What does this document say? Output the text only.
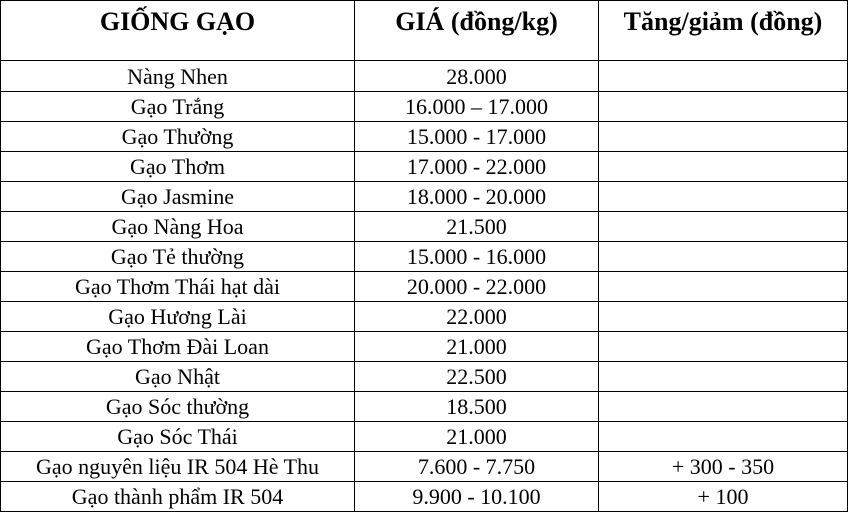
GIỐNG GẠO	GIÁ (đồng/kg)	Tăng/giảm (đồng)
Nàng Nhen	28.000	
Gạo Trắng	16.000 – 17.000	
Gạo Thường	15.000 - 17.000	
Gạo Thơm	17.000 - 22.000	
Gạo Jasmine	18.000 - 20.000	
Gạo Nàng Hoa	21.500	
Gạo Tẻ thường	15.000 - 16.000	
Gạo Thơm Thái hạt dài	20.000 - 22.000	
Gạo Hương Lài	22.000	
Gạo Thơm Đài Loan	21.000	
Gạo Nhật	22.500	
Gạo Sóc thường	18.500	
Gạo Sóc Thái	21.000	
Gạo nguyên liệu IR 504 Hè Thu	7.600 - 7.750	+ 300 - 350
Gạo thành phẩm IR 504	9.900 - 10.100	+ 100
